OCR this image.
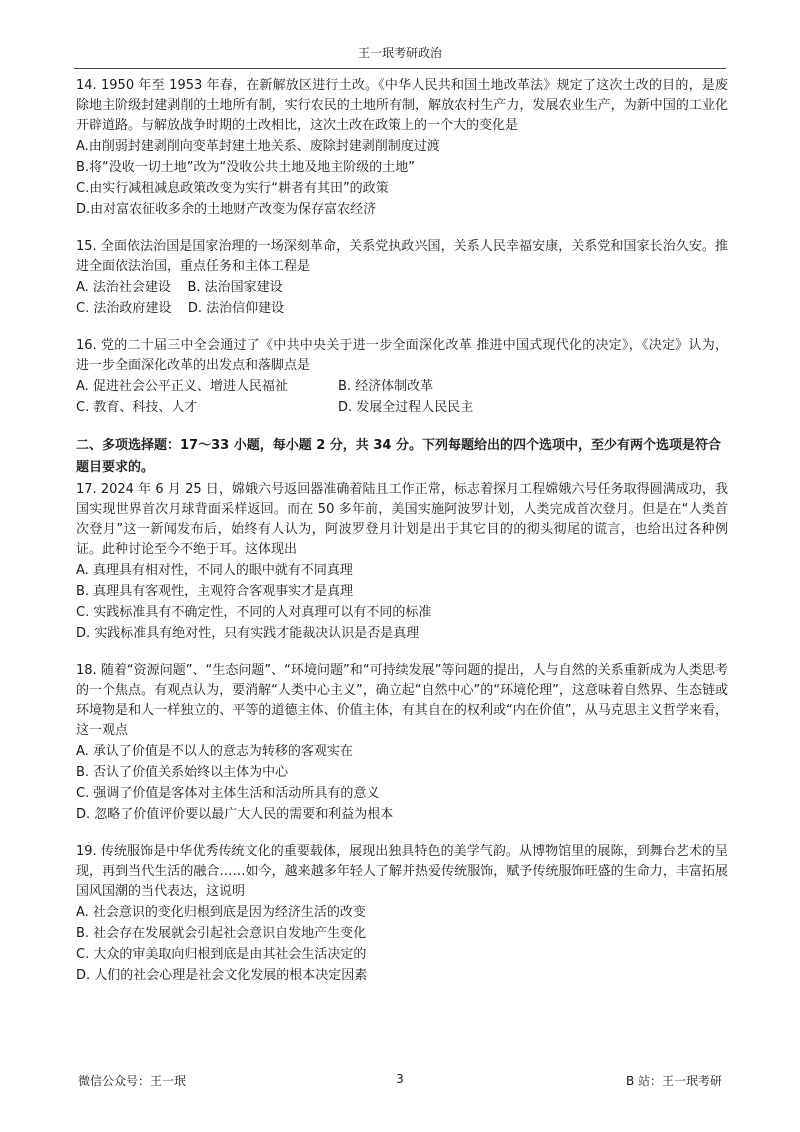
王一珉考研政治
14. 1950 年至 1953 年春，在新解放区进行土改。《中华人民共和国土地改革法》规定了这次土改的目的，是废除地主阶级封建剥削的土地所有制，实行农民的土地所有制，解放农村生产力，发展农业生产，为新中国的工业化开辟道路。与解放战争时期的土改相比，这次土改在政策上的一个大的变化是
A.由削弱封建剥削向变革封建土地关系、废除封建剥削制度过渡
B.将“没收一切土地”改为“没收公共土地及地主阶级的土地”
C.由实行减租减息政策改变为实行“耕者有其田”的政策
D.由对富农征收多余的土地财产改变为保存富农经济
15. 全面依法治国是国家治理的一场深刻革命，关系党执政兴国，关系人民幸福安康，关系党和国家长治久安。推进全面依法治国，重点任务和主体工程是
A. 法治社会建设 B. 法治国家建设
C. 法治政府建设 D. 法治信仰建设
16. 党的二十届三中全会通过了《中共中央关于进一步全面深化改革 推进中国式现代化的决定》，《决定》认为，进一步全面深化改革的出发点和落脚点是
A. 促进社会公平正义、增进人民福祉	B. 经济体制改革
C. 教育、科技、人才	D. 发展全过程人民民主
二、多项选择题：17～33 小题，每小题 2 分，共 34 分。下列每题给出的四个选项中，至少有两个选项是符合题目要求的。
17. 2024 年 6 月 25 日，嫦娥六号返回器准确着陆且工作正常，标志着探月工程嫦娥六号任务取得圆满成功，我国实现世界首次月球背面采样返回。而在 50 多年前，美国实施阿波罗计划，人类完成首次登月。但是在“人类首次登月”这一新闻发布后，始终有人认为，阿波罗登月计划是出于其它目的的彻头彻尾的谎言，也给出过各种例证。此种讨论至今不绝于耳。这体现出
A. 真理具有相对性，不同人的眼中就有不同真理
B. 真理具有客观性，主观符合客观事实才是真理
C. 实践标准具有不确定性，不同的人对真理可以有不同的标准
D. 实践标准具有绝对性，只有实践才能裁决认识是否是真理
18. 随着“资源问题”、“生态问题”、“环境问题”和“可持续发展”等问题的提出，人与自然的关系重新成为人类思考的一个焦点。有观点认为，要消解“人类中心主义”，确立起“自然中心”的“环境伦理”，这意味着自然界、生态链或环境物是和人一样独立的、平等的道德主体、价值主体，有其自在的权利或“内在价值”，从马克思主义哲学来看，这一观点
A. 承认了价值是不以人的意志为转移的客观实在
B. 否认了价值关系始终以主体为中心
C. 强调了价值是客体对主体生活和活动所具有的意义
D. 忽略了价值评价要以最广大人民的需要和利益为根本
19. 传统服饰是中华优秀传统文化的重要载体，展现出独具特色的美学气韵。从博物馆里的展陈，到舞台艺术的呈现，再到当代生活的融合……如今，越来越多年轻人了解并热爱传统服饰，赋予传统服饰旺盛的生命力，丰富拓展国风国潮的当代表达，这说明
A. 社会意识的变化归根到底是因为经济生活的改变
B. 社会存在发展就会引起社会意识自发地产生变化
C. 大众的审美取向归根到底是由其社会生活决定的
D. 人们的社会心理是社会文化发展的根本决定因素
微信公众号：王一珉	3	B 站：王一珉考研
